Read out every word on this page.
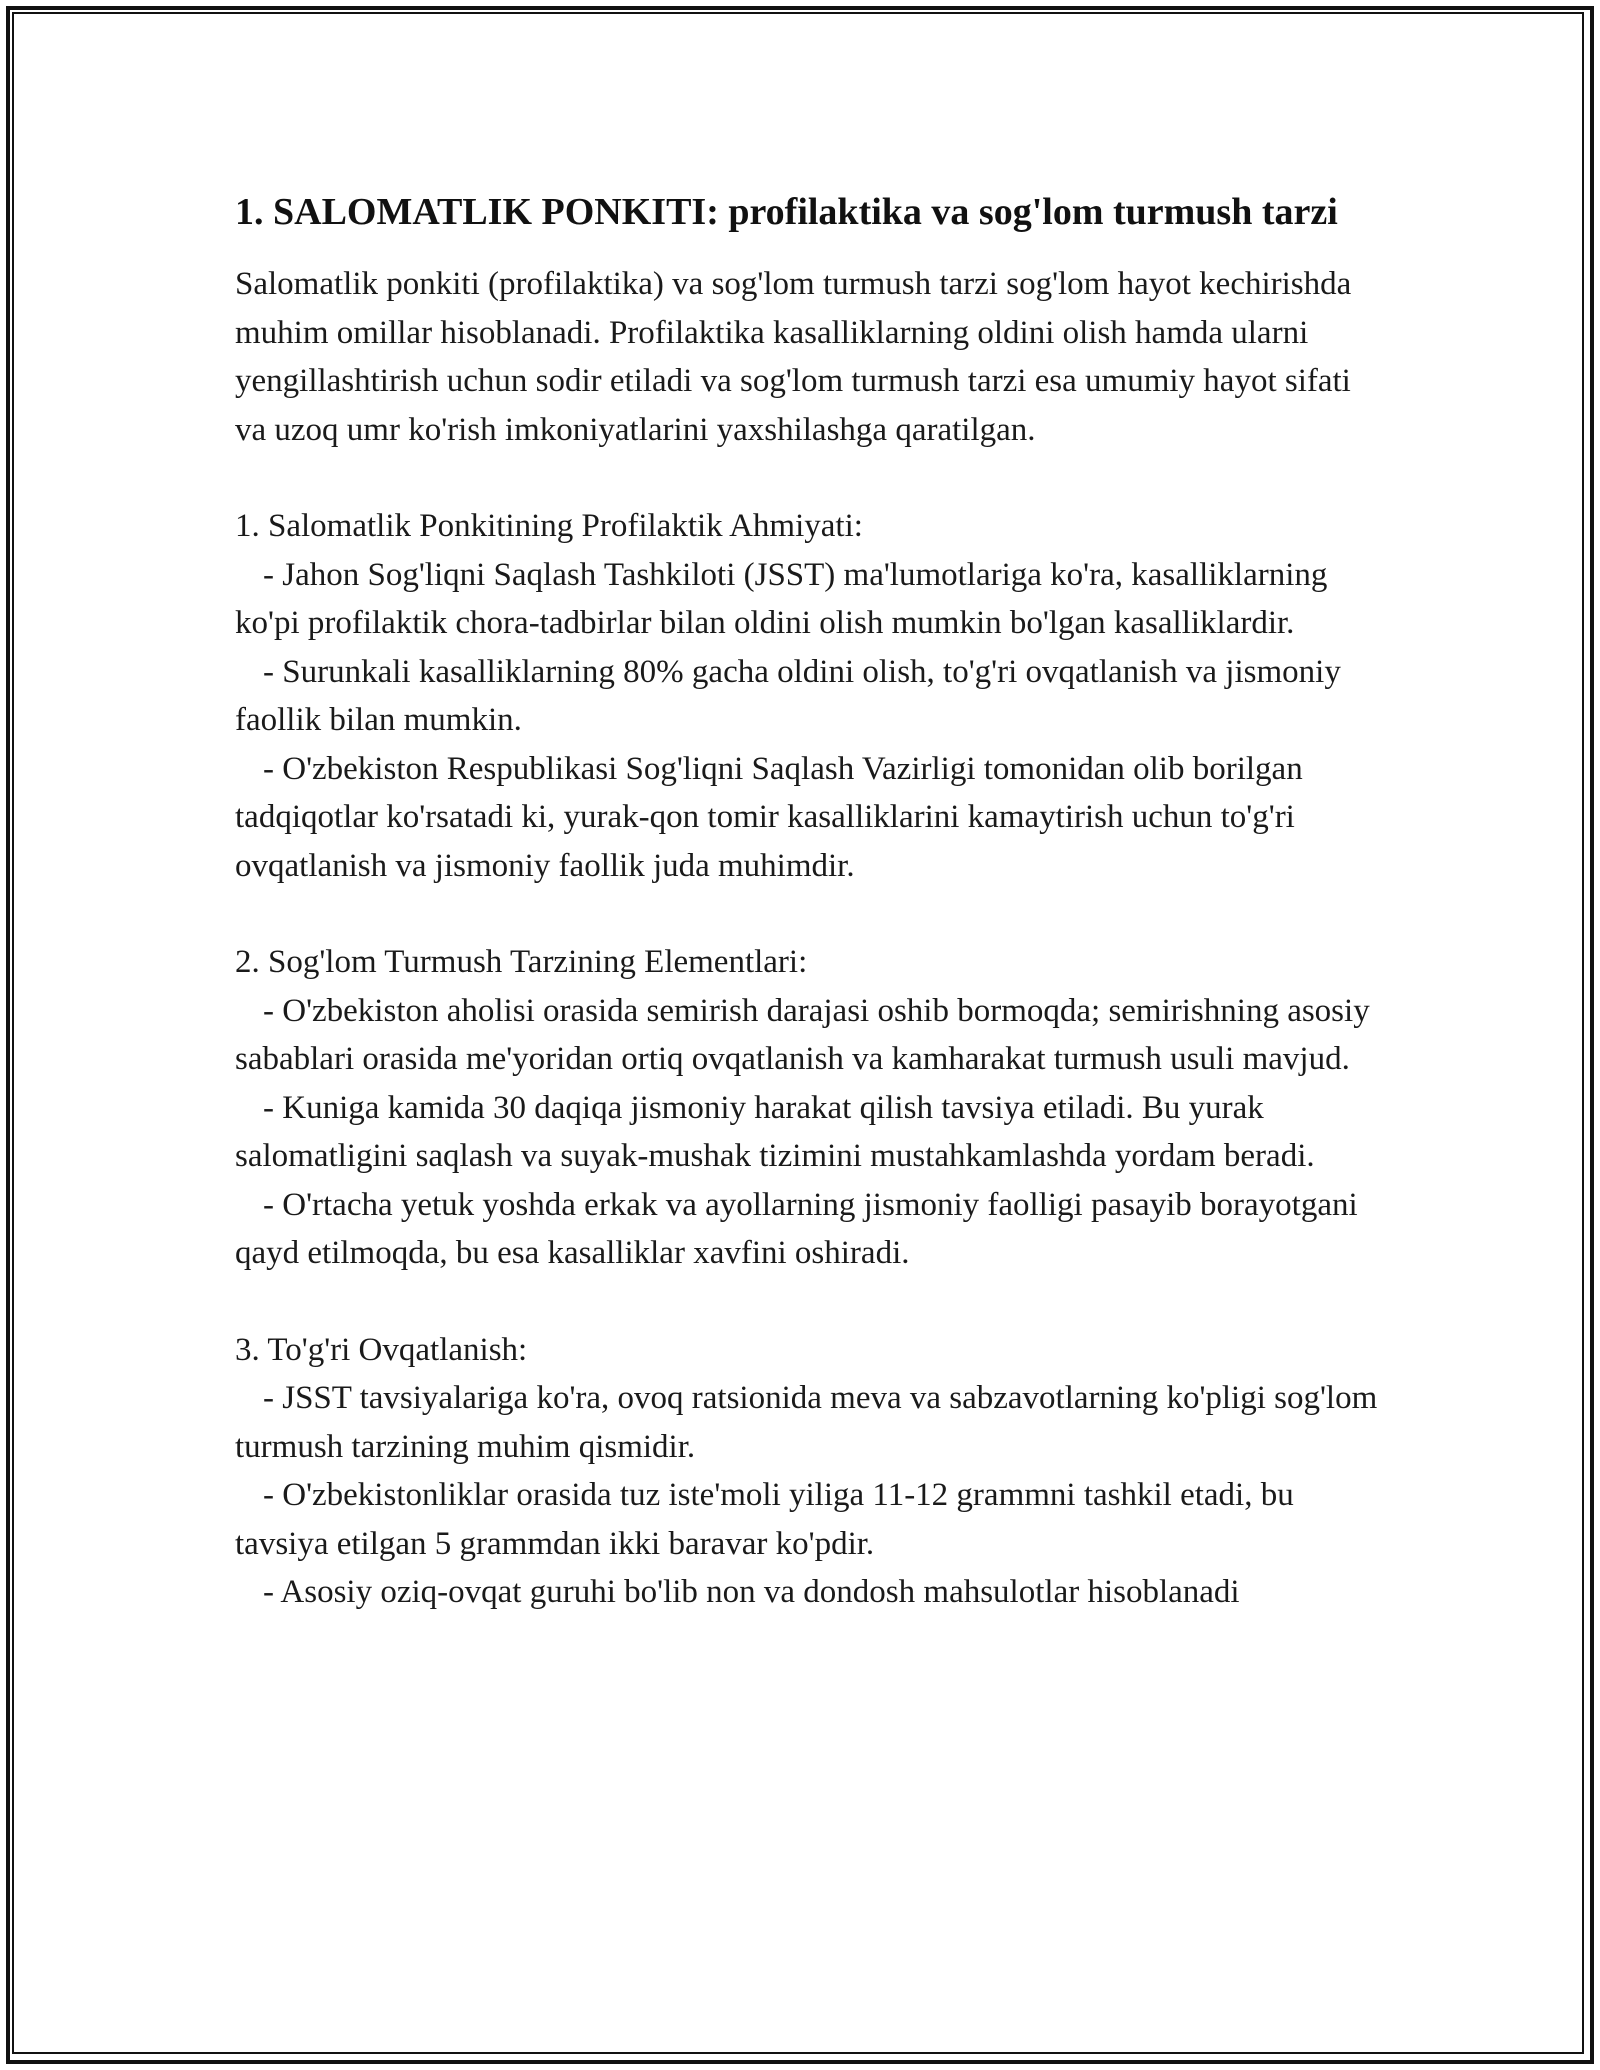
1. SALOMATLIK PONKITI: profilaktika va sog'lom turmush tarzi

Salomatlik ponkiti (profilaktika) va sog'lom turmush tarzi sog'lom hayot kechirishda muhim omillar hisoblanadi. Profilaktika kasalliklarning oldini olish hamda ularni yengillashtirish uchun sodir etiladi va sog'lom turmush tarzi esa umumiy hayot sifati va uzoq umr ko'rish imkoniyatlarini yaxshilashga qaratilgan.

1. Salomatlik Ponkitining Profilaktik Ahmiyati:

- Jahon Sog'liqni Saqlash Tashkiloti (JSST) ma'lumotlariga ko'ra, kasalliklarning ko'pi profilaktik chora-tadbirlar bilan oldini olish mumkin bo'lgan kasalliklardir.

- Surunkali kasalliklarning 80% gacha oldini olish, to'g'ri ovqatlanish va jismoniy faollik bilan mumkin.

- O'zbekiston Respublikasi Sog'liqni Saqlash Vazirligi tomonidan olib borilgan tadqiqotlar ko'rsatadi ki, yurak-qon tomir kasalliklarini kamaytirish uchun to'g'ri ovqatlanish va jismoniy faollik juda muhimdir.

2. Sog'lom Turmush Tarzining Elementlari:

- O'zbekiston aholisi orasida semirish darajasi oshib bormoqda; semirishning asosiy sabablari orasida me'yoridan ortiq ovqatlanish va kamharakat turmush usuli mavjud.

- Kuniga kamida 30 daqiqa jismoniy harakat qilish tavsiya etiladi. Bu yurak salomatligini saqlash va suyak-mushak tizimini mustahkamlashda yordam beradi.

- O'rtacha yetuk yoshda erkak va ayollarning jismoniy faolligi pasayib borayotgani qayd etilmoqda, bu esa kasalliklar xavfini oshiradi.

3. To'g'ri Ovqatlanish:

- JSST tavsiyalariga ko'ra, ovoq ratsionida meva va sabzavotlarning ko'pligi sog'lom turmush tarzining muhim qismidir.

- O'zbekistonliklar orasida tuz iste'moli yiliga 11-12 grammni tashkil etadi, bu tavsiya etilgan 5 grammdan ikki baravar ko'pdir.

- Asosiy oziq-ovqat guruhi bo'lib non va dondosh mahsulotlar hisoblanadi
